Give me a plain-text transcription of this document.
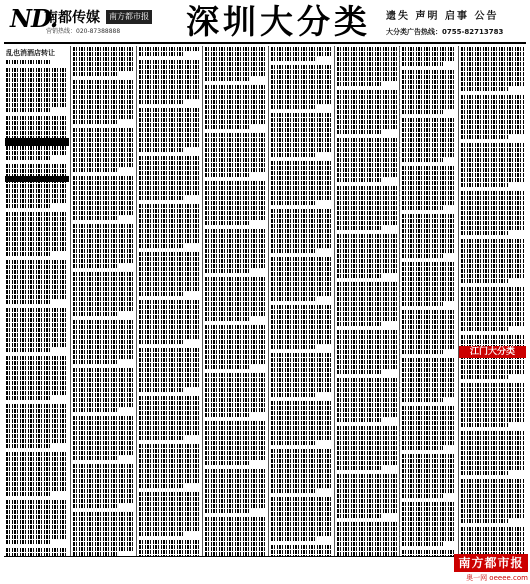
ND.
南都传媒	南方都市报
营销热线：020-87388888 深圳大分类 遗失 声明 启事 公告
大分类广告热线：0755-82713783
乱也消酒店转让
江门大分类
南方都市报
奥一网 oeeee.com
